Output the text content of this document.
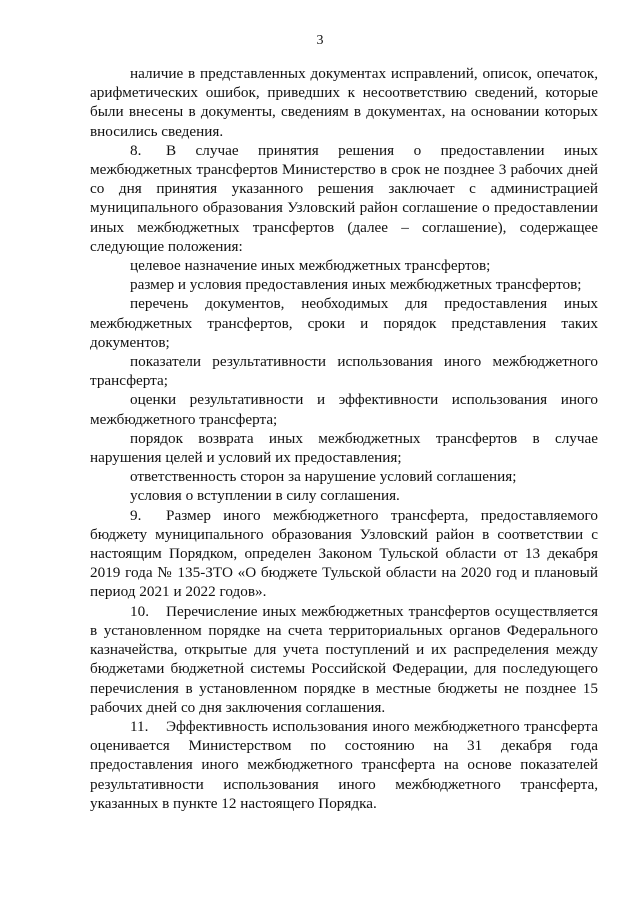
3

наличие в представленных документах исправлений, описок, опечаток, арифметических ошибок, приведших к несоответствию сведений, которые были внесены в документы, сведениям в документах, на основании которых вносились сведения.

8. В случае принятия решения о предоставлении иных межбюджетных трансфертов Министерство в срок не позднее 3 рабочих дней со дня принятия указанного решения заключает с администрацией муниципального образования Узловский район соглашение о предоставлении иных межбюджетных трансфертов (далее – соглашение), содержащее следующие положения:

целевое назначение иных межбюджетных трансфертов;

размер и условия предоставления иных межбюджетных трансфертов;

перечень документов, необходимых для предоставления иных межбюджетных трансфертов, сроки и порядок представления таких документов;

показатели результативности использования иного межбюджетного трансферта;

оценки результативности и эффективности использования иного межбюджетного трансферта;

порядок возврата иных межбюджетных трансфертов в случае нарушения целей и условий их предоставления;

ответственность сторон за нарушение условий соглашения;

условия о вступлении в силу соглашения.

9. Размер иного межбюджетного трансферта, предоставляемого бюджету муниципального образования Узловский район в соответствии с настоящим Порядком, определен Законом Тульской области от 13 декабря 2019 года № 135-ЗТО «О бюджете Тульской области на 2020 год и плановый период 2021 и 2022 годов».

10. Перечисление иных межбюджетных трансфертов осуществляется в установленном порядке на счета территориальных органов Федерального казначейства, открытые для учета поступлений и их распределения между бюджетами бюджетной системы Российской Федерации, для последующего перечисления в установленном порядке в местные бюджеты не позднее 15 рабочих дней со дня заключения соглашения.

11. Эффективность использования иного межбюджетного трансферта оценивается Министерством по состоянию на 31 декабря года предоставления иного межбюджетного трансферта на основе показателей результативности использования иного межбюджетного трансферта, указанных в пункте 12 настоящего Порядка.
